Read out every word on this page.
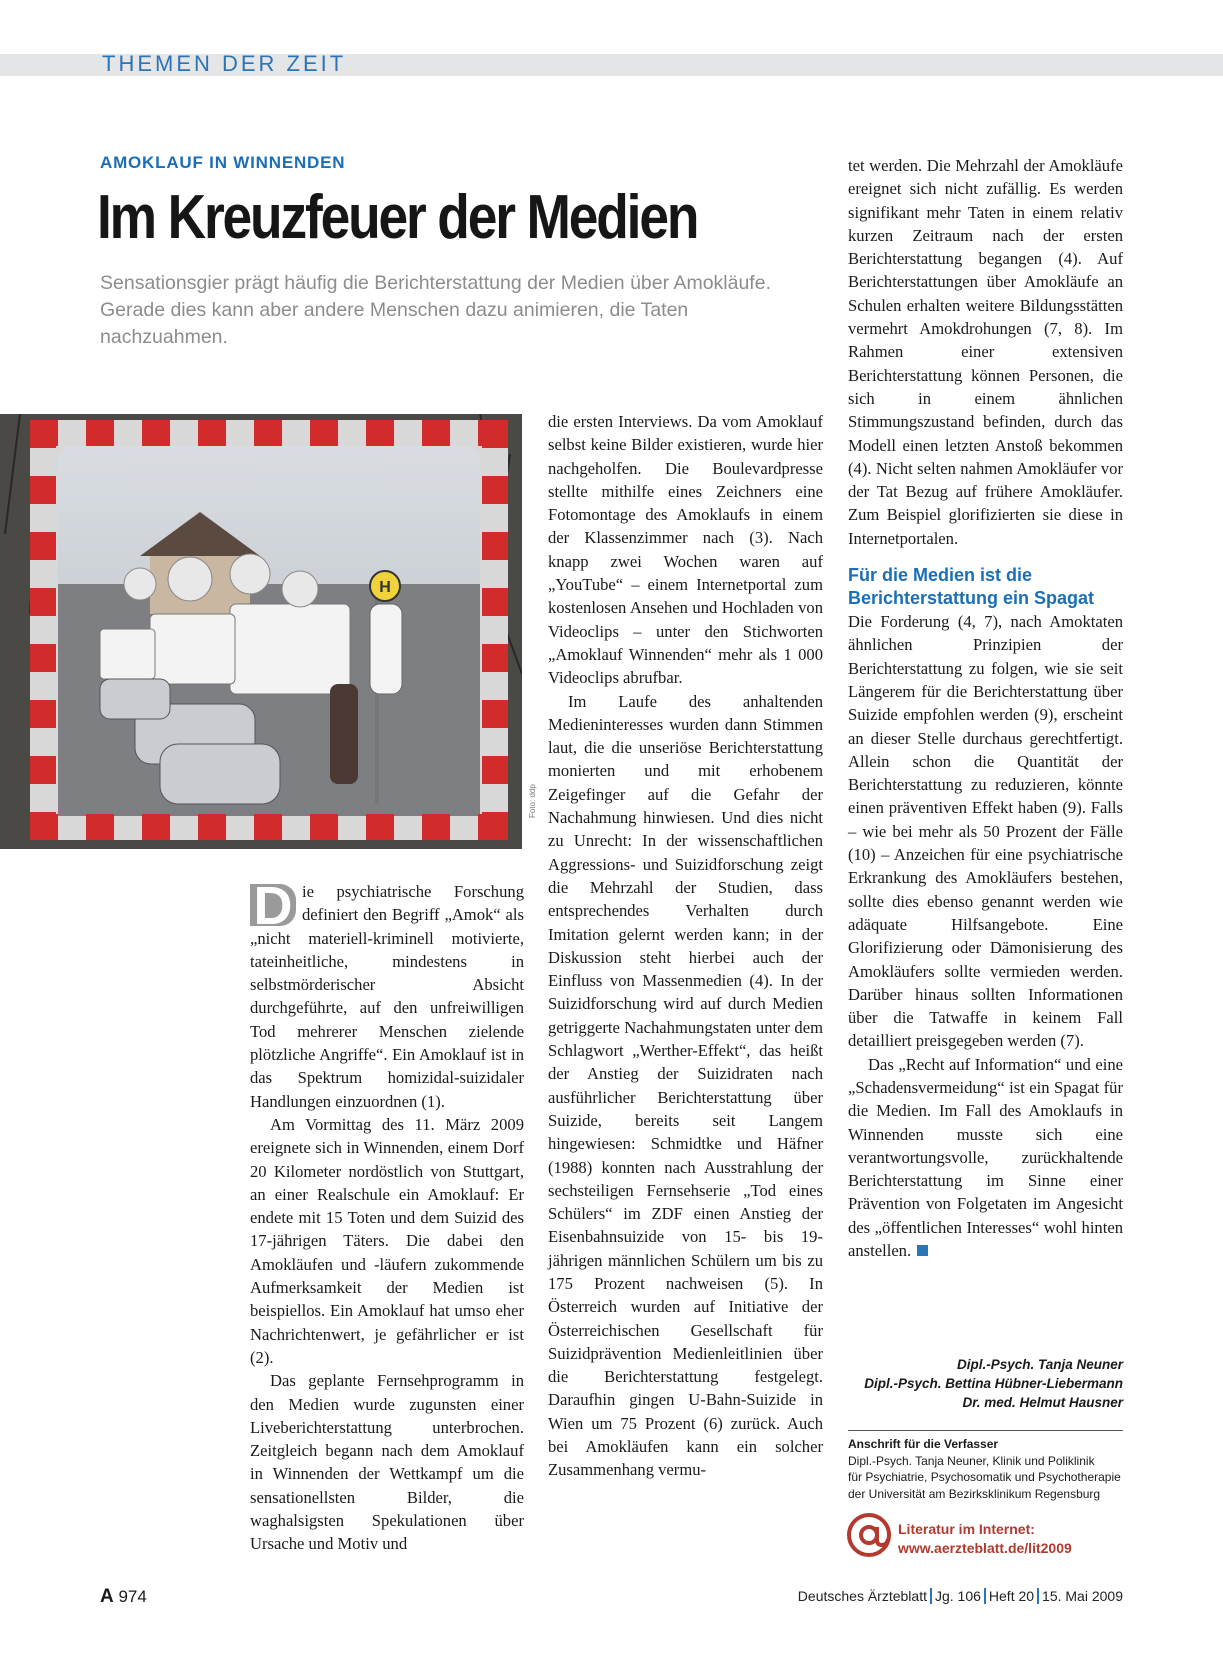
THEMEN DER ZEIT
AMOKLAUF IN WINNENDEN
Im Kreuzfeuer der Medien
Sensationsgier prägt häufig die Berichterstattung der Medien über Amokläufe. Gerade dies kann aber andere Menschen dazu animieren, die Taten nachzuahmen.
H
Foto: ddp

D ie psychiatrische Forschung definiert den Begriff „Amok“ als „nicht materiell-kriminell motivierte, tateinheitliche, mindestens in selbstmörderischer Absicht durchgeführte, auf den unfreiwilligen Tod mehrerer Menschen zielende plötzliche Angriffe“. Ein Amoklauf ist in das Spektrum homizidal-suizidaler Handlungen einzuordnen (1).

Am Vormittag des 11. März 2009 ereignete sich in Winnenden, einem Dorf 20 Kilometer nordöstlich von Stuttgart, an einer Realschule ein Amoklauf: Er endete mit 15 Toten und dem Suizid des 17-jährigen Täters. Die dabei den Amokläufen und -läufern zukommende Aufmerksamkeit der Medien ist beispiellos. Ein Amoklauf hat umso eher Nachrichtenwert, je gefährlicher er ist (2).

Das geplante Fernsehprogramm in den Medien wurde zugunsten einer Liveberichterstattung unterbrochen. Zeitgleich begann nach dem Amoklauf in Winnenden der Wettkampf um die sensationellsten Bilder, die waghalsigsten Spekulationen über Ursache und Motiv und

die ersten Interviews. Da vom Amoklauf selbst keine Bilder existieren, wurde hier nachgeholfen. Die Boulevardpresse stellte mithilfe eines Zeichners eine Fotomontage des Amoklaufs in einem der Klassenzimmer nach (3). Nach knapp zwei Wochen waren auf „YouTube“ – einem Internetportal zum kostenlosen Ansehen und Hochladen von Videoclips – unter den Stichworten „Amoklauf Winnenden“ mehr als 1 000 Videoclips abrufbar.

Im Laufe des anhaltenden Medieninteresses wurden dann Stimmen laut, die die unseriöse Berichterstattung monierten und mit erhobenem Zeigefinger auf die Gefahr der Nachahmung hinwiesen. Und dies nicht zu Unrecht: In der wissenschaftlichen Aggressions- und Suizidforschung zeigt die Mehrzahl der Studien, dass entsprechendes Verhalten durch Imitation gelernt werden kann; in der Diskussion steht hierbei auch der Einfluss von Massenmedien (4). In der Suizidforschung wird auf durch Medien getriggerte Nachahmungstaten unter dem Schlagwort „Werther-Effekt“, das heißt der Anstieg der Suizidraten nach ausführlicher Berichterstattung über Suizide, bereits seit Langem hingewiesen: Schmidtke und Häfner (1988) konnten nach Ausstrahlung der sechsteiligen Fernsehserie „Tod eines Schülers“ im ZDF einen Anstieg der Eisenbahnsuizide von 15- bis 19-jährigen männlichen Schülern um bis zu 175 Prozent nachweisen (5). In Österreich wurden auf Initiative der Österreichischen Gesellschaft für Suizidprävention Medienleitlinien über die Berichterstattung festgelegt. Daraufhin gingen U-Bahn-Suizide in Wien um 75 Prozent (6) zurück. Auch bei Amokläufen kann ein solcher Zusammenhang vermu-

tet werden. Die Mehrzahl der Amokläufe ereignet sich nicht zufällig. Es werden signifikant mehr Taten in einem relativ kurzen Zeitraum nach der ersten Berichterstattung begangen (4). Auf Berichterstattungen über Amokläufe an Schulen erhalten weitere Bildungsstätten vermehrt Amokdrohungen (7, 8). Im Rahmen einer extensiven Berichterstattung können Personen, die sich in einem ähnlichen Stimmungszustand befinden, durch das Modell einen letzten Anstoß bekommen (4). Nicht selten nahmen Amokläufer vor der Tat Bezug auf frühere Amokläufer. Zum Beispiel glorifizierten sie diese in Internetportalen.

Für die Medien ist die Berichterstattung ein Spagat

Die Forderung (4, 7), nach Amoktaten ähnlichen Prinzipien der Berichterstattung zu folgen, wie sie seit Längerem für die Berichterstattung über Suizide empfohlen werden (9), erscheint an dieser Stelle durchaus gerechtfertigt. Allein schon die Quantität der Berichterstattung zu reduzieren, könnte einen präventiven Effekt haben (9). Falls – wie bei mehr als 50 Prozent der Fälle (10) – Anzeichen für eine psychiatrische Erkrankung des Amokläufers bestehen, sollte dies ebenso genannt werden wie adäquate Hilfsangebote. Eine Glorifizierung oder Dämonisierung des Amokläufers sollte vermieden werden. Darüber hinaus sollten Informationen über die Tatwaffe in keinem Fall detailliert preisgegeben werden (7).

Das „Recht auf Information“ und eine „Schadensvermeidung“ ist ein Spagat für die Medien. Im Fall des Amoklaufs in Winnenden musste sich eine verantwortungsvolle, zurückhaltende Berichterstattung im Sinne einer Prävention von Folgetaten im Angesicht des „öffentlichen Interesses“ wohl hinten anstellen.

Dipl.-Psych. Tanja Neuner
Dipl.-Psych. Bettina Hübner-Liebermann
Dr. med. Helmut Hausner
Anschrift für die Verfasser
Dipl.-Psych. Tanja Neuner, Klinik und Poliklinik
für Psychiatrie, Psychosomatik und Psychotherapie
der Universität am Bezirksklinikum Regensburg
Literatur im Internet:
www.aerzteblatt.de/lit2009
A 974	Deutsches Ärzteblatt Jg. 106 Heft 20 15. Mai 2009
